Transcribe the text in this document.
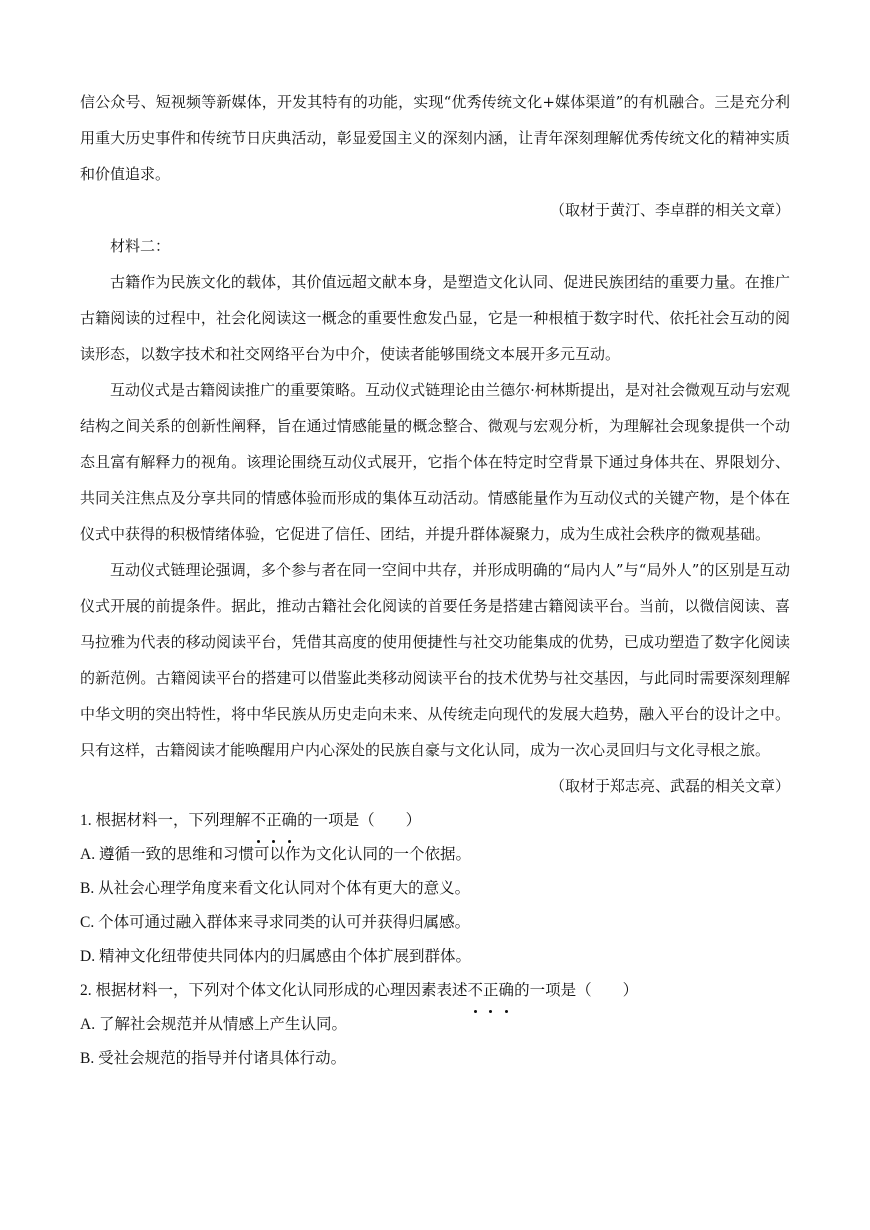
信公众号、短视频等新媒体，开发其特有的功能，实现“优秀传统文化+媒体渠道”的有机融合。三是充分利用重大历史事件和传统节日庆典活动，彰显爱国主义的深刻内涵，让青年深刻理解优秀传统文化的精神实质和价值追求。

（取材于黄汀、李卓群的相关文章）

材料二：

古籍作为民族文化的载体，其价值远超文献本身，是塑造文化认同、促进民族团结的重要力量。在推广古籍阅读的过程中，社会化阅读这一概念的重要性愈发凸显，它是一种根植于数字时代、依托社会互动的阅读形态，以数字技术和社交网络平台为中介，使读者能够围绕文本展开多元互动。

互动仪式是古籍阅读推广的重要策略。互动仪式链理论由兰德尔·柯林斯提出，是对社会微观互动与宏观结构之间关系的创新性阐释，旨在通过情感能量的概念整合、微观与宏观分析，为理解社会现象提供一个动态且富有解释力的视角。该理论围绕互动仪式展开，它指个体在特定时空背景下通过身体共在、界限划分、共同关注焦点及分享共同的情感体验而形成的集体互动活动。情感能量作为互动仪式的关键产物，是个体在仪式中获得的积极情绪体验，它促进了信任、团结，并提升群体凝聚力，成为生成社会秩序的微观基础。

互动仪式链理论强调，多个参与者在同一空间中共存，并形成明确的“局内人”与“局外人”的区别是互动仪式开展的前提条件。据此，推动古籍社会化阅读的首要任务是搭建古籍阅读平台。当前，以微信阅读、喜马拉雅为代表的移动阅读平台，凭借其高度的使用便捷性与社交功能集成的优势，已成功塑造了数字化阅读的新范例。古籍阅读平台的搭建可以借鉴此类移动阅读平台的技术优势与社交基因，与此同时需要深刻理解中华文明的突出特性，将中华民族从历史走向未来、从传统走向现代的发展大趋势，融入平台的设计之中。只有这样，古籍阅读才能唤醒用户内心深处的民族自豪与文化认同，成为一次心灵回归与文化寻根之旅。

（取材于郑志亮、武磊的相关文章）

1. 根据材料一，下列理解不正确的一项是（　　）

A. 遵循一致的思维和习惯可以作为文化认同的一个依据。

B. 从社会心理学角度来看文化认同对个体有更大的意义。

C. 个体可通过融入群体来寻求同类的认可并获得归属感。

D. 精神文化纽带使共同体内的归属感由个体扩展到群体。

2. 根据材料一，下列对个体文化认同形成的心理因素表述不正确的一项是（　　）

A. 了解社会规范并从情感上产生认同。

B. 受社会规范的指导并付诸具体行动。
